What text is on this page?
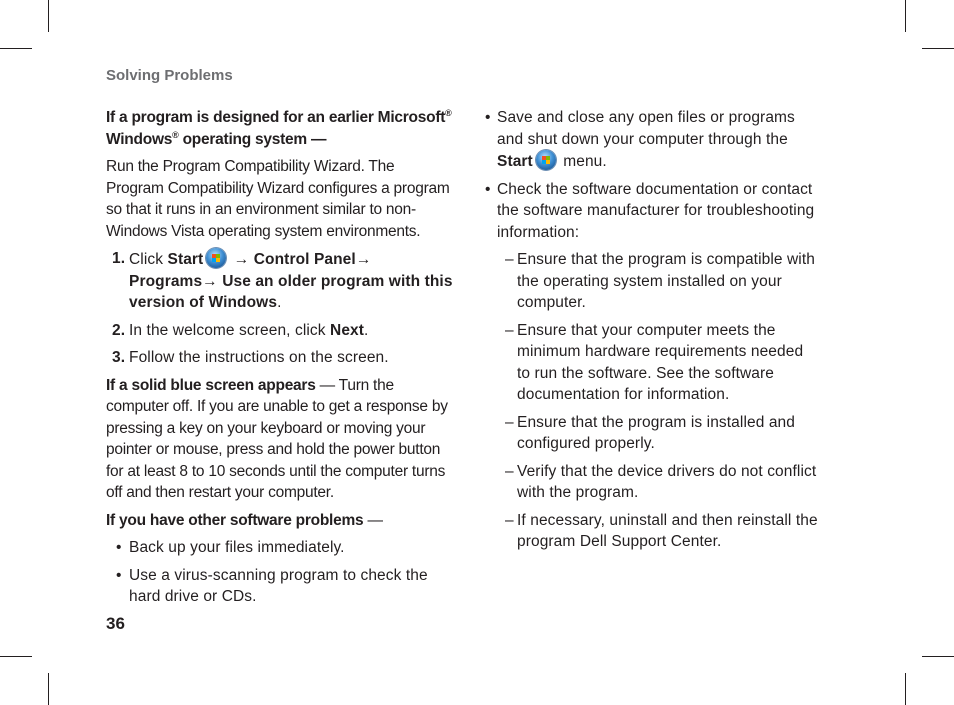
Solving Problems

If a program is designed for an earlier Microsoft® Windows® operating system —

Run the Program Compatibility Wizard. The Program Compatibility Wizard configures a program so that it runs in an environment similar to non-Windows Vista operating system environments.

1. Click Start → Control Panel→ Programs→ Use an older program with this version of Windows.
2. In the welcome screen, click Next.
3. Follow the instructions on the screen.

If a solid blue screen appears — Turn the computer off. If you are unable to get a response by pressing a key on your keyboard or moving your pointer or mouse, press and hold the power button for at least 8 to 10 seconds until the computer turns off and then restart your computer.

If you have other software problems —

• Back up your files immediately.
• Use a virus-scanning program to check the hard drive or CDs.
• Save and close any open files or programs and shut down your computer through the Start menu.
• Check the software documentation or contact the software manufacturer for troubleshooting information:
– Ensure that the program is compatible with the operating system installed on your computer.
– Ensure that your computer meets the minimum hardware requirements needed to run the software. See the software documentation for information.
– Ensure that the program is installed and configured properly.
– Verify that the device drivers do not conflict with the program.
– If necessary, uninstall and then reinstall the program Dell Support Center.
36
